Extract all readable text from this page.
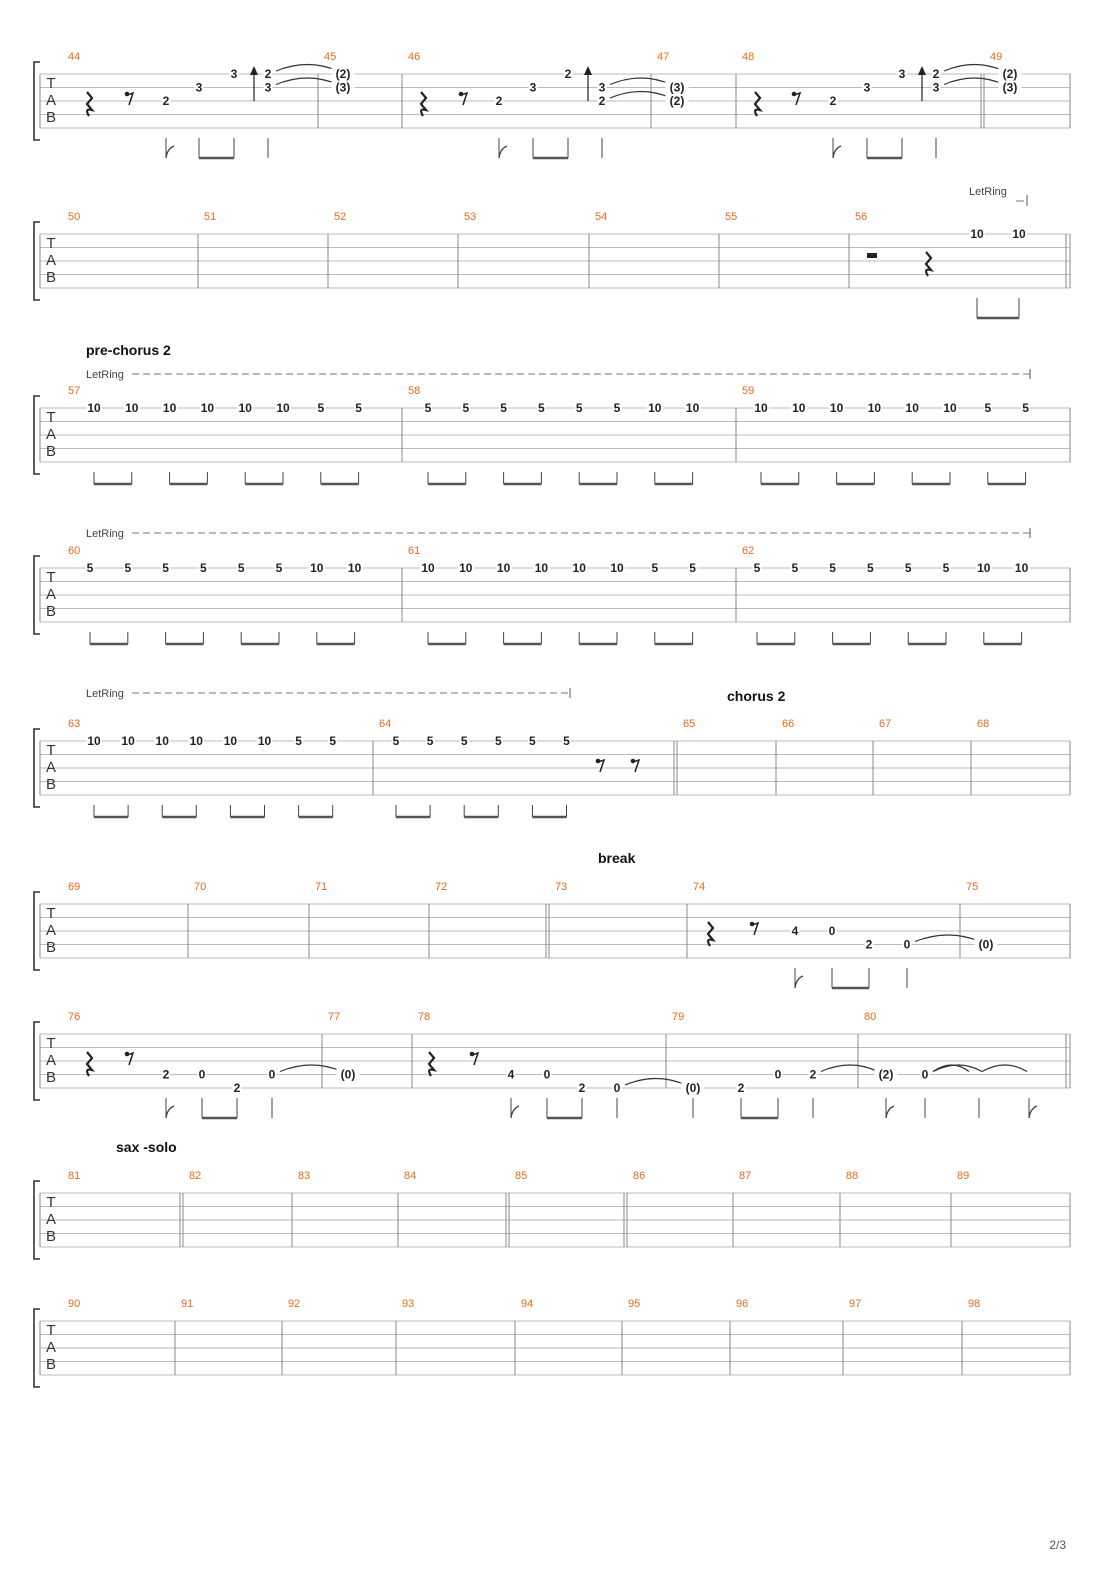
T
A
B
44	45	46	47	48	49
2
3
3 2
3
(2)
(3)
2
3
2
3
2
(3)
(2)	2
3
3 2
3
(2)
(3)
T
A
B
50	51	52	53	54	55	56
LetRing
10 10
T
A
B
57	58	59
pre-chorus 2
10 10 10 10 10 10 5	5	5	5	5	5	5	5 10 10	10 10 10 10 10 10 5	5
LetRing
T
A
B
60	61	62
5	5	5	5	5	5 10 10	10 10 10 10 10 10 5	5	5	5	5	5	5	5 10 10
LetRing
T
A
B
63	64	65	66	67	68
chorus 2
10 10 10 10 10 10 5 5	5 5 5 5 5 5
LetRing
T
A
B
69	70	71	72	73	74	75
break
4	0
2	0	(0)
T
A
B
76	77	78	79	80
2 0
2
0	(0)	4 0
2 0	(0)	2
0 2	(2) 0
T
A
B
81	82	83	84	85	86	87	88	89
sax -solo
T
A
B
90	91	92	93	94	95	96	97	98
2/3
